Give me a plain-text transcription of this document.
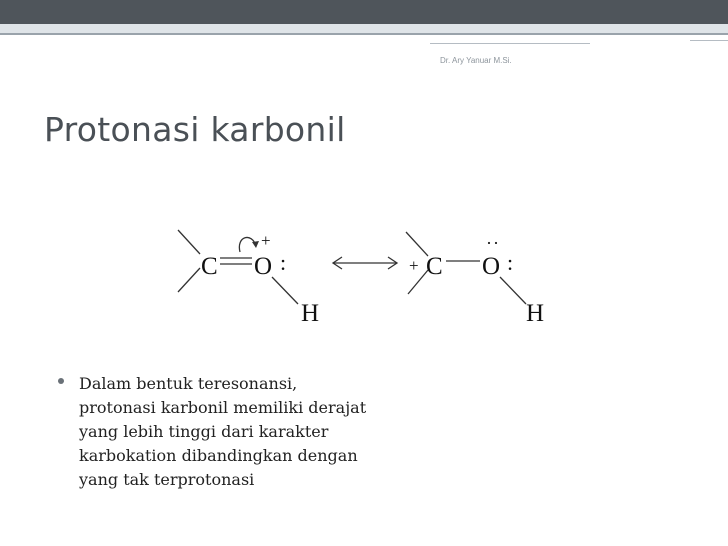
Dr. Ary Yanuar M.Si.
Protonasi karbonil
C O
+
:
H
+ C O
··
:
H

Dalam bentuk teresonansi, protonasi karbonil memiliki derajat yang lebih tinggi dari karakter karbokation dibandingkan dengan yang tak terprotonasi
